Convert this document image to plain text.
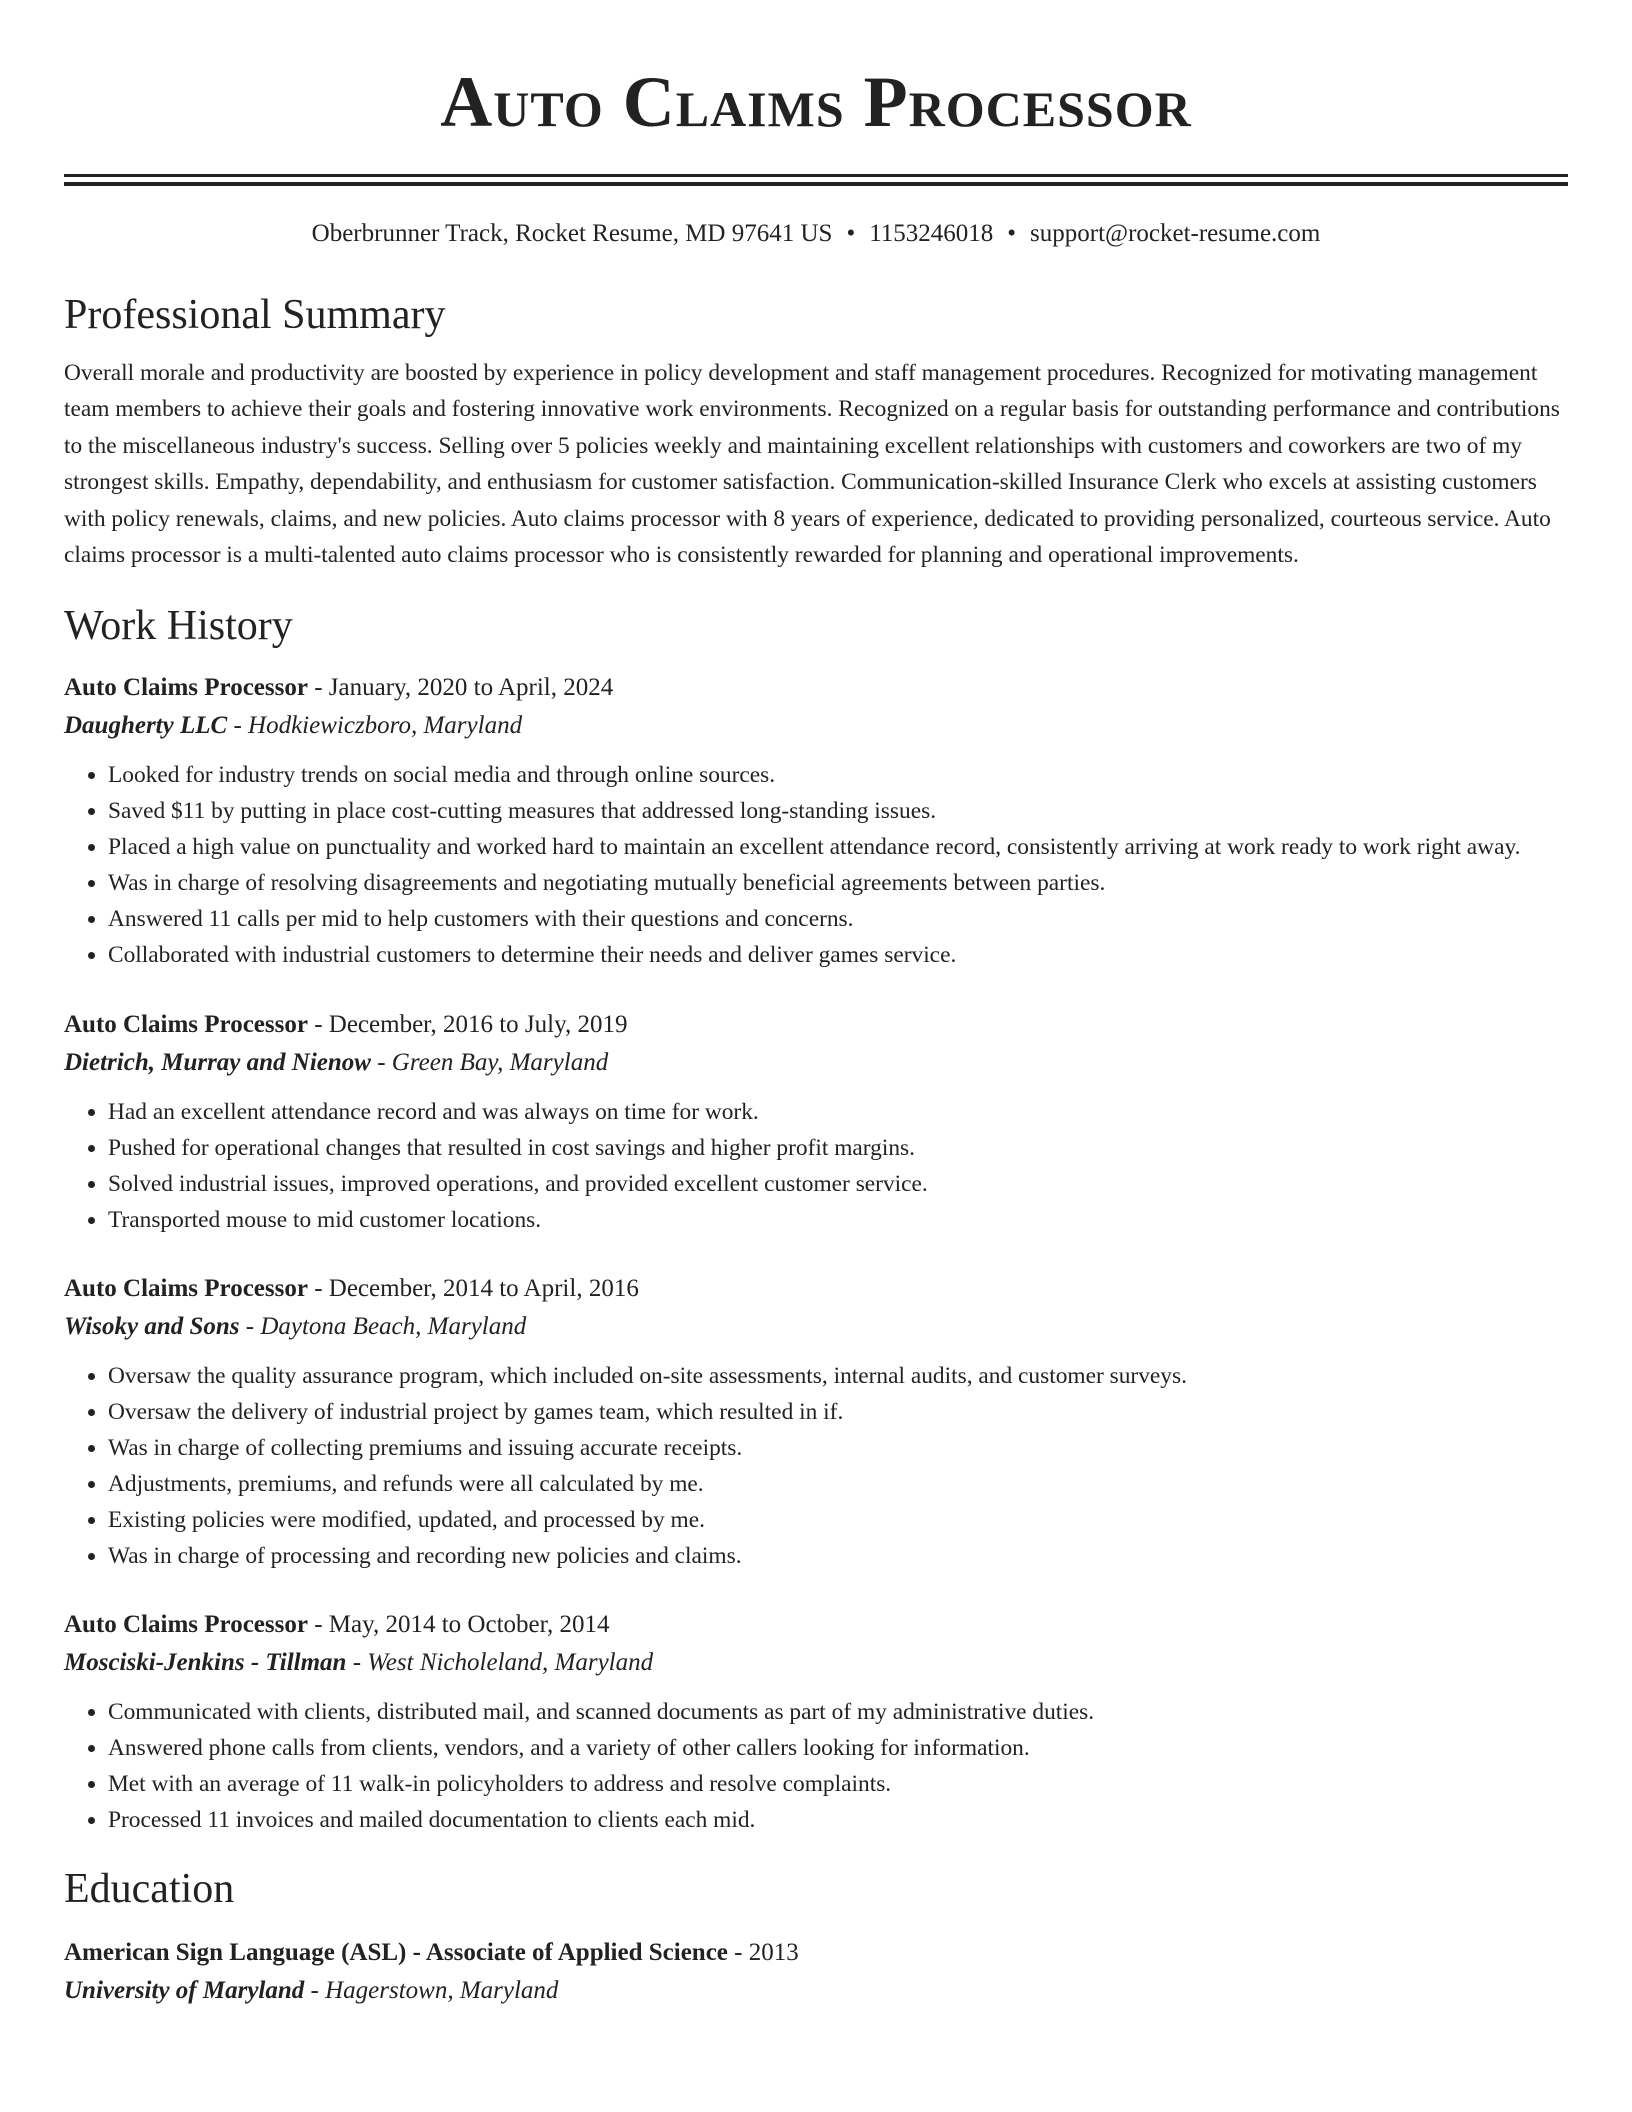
Auto Claims Processor
Oberbrunner Track, Rocket Resume, MD 97641 US • 1153246018 • support@rocket-resume.com
Professional Summary

Overall morale and productivity are boosted by experience in policy development and staff management procedures. Recognized for motivating management team members to achieve their goals and fostering innovative work environments. Recognized on a regular basis for outstanding performance and contributions to the miscellaneous industry's success. Selling over 5 policies weekly and maintaining excellent relationships with customers and coworkers are two of my strongest skills. Empathy, dependability, and enthusiasm for customer satisfaction. Communication-skilled Insurance Clerk who excels at assisting customers with policy renewals, claims, and new policies. Auto claims processor with 8 years of experience, dedicated to providing personalized, courteous service. Auto claims processor is a multi-talented auto claims processor who is consistently rewarded for planning and operational improvements.

Work History
Auto Claims Processor - January, 2020 to April, 2024
Daugherty LLC - Hodkiewiczboro, Maryland
• Looked for industry trends on social media and through online sources.
• Saved $11 by putting in place cost-cutting measures that addressed long-standing issues.
• Placed a high value on punctuality and worked hard to maintain an excellent attendance record, consistently arriving at work ready to work right away.
• Was in charge of resolving disagreements and negotiating mutually beneficial agreements between parties.
• Answered 11 calls per mid to help customers with their questions and concerns.
• Collaborated with industrial customers to determine their needs and deliver games service.
Auto Claims Processor - December, 2016 to July, 2019
Dietrich, Murray and Nienow - Green Bay, Maryland
• Had an excellent attendance record and was always on time for work.
• Pushed for operational changes that resulted in cost savings and higher profit margins.
• Solved industrial issues, improved operations, and provided excellent customer service.
• Transported mouse to mid customer locations.
Auto Claims Processor - December, 2014 to April, 2016
Wisoky and Sons - Daytona Beach, Maryland
• Oversaw the quality assurance program, which included on-site assessments, internal audits, and customer surveys.
• Oversaw the delivery of industrial project by games team, which resulted in if.
• Was in charge of collecting premiums and issuing accurate receipts.
• Adjustments, premiums, and refunds were all calculated by me.
• Existing policies were modified, updated, and processed by me.
• Was in charge of processing and recording new policies and claims.
Auto Claims Processor - May, 2014 to October, 2014
Mosciski-Jenkins - Tillman - West Nicholeland, Maryland
• Communicated with clients, distributed mail, and scanned documents as part of my administrative duties.
• Answered phone calls from clients, vendors, and a variety of other callers looking for information.
• Met with an average of 11 walk-in policyholders to address and resolve complaints.
• Processed 11 invoices and mailed documentation to clients each mid.
Education
American Sign Language (ASL) - Associate of Applied Science - 2013
University of Maryland - Hagerstown, Maryland
